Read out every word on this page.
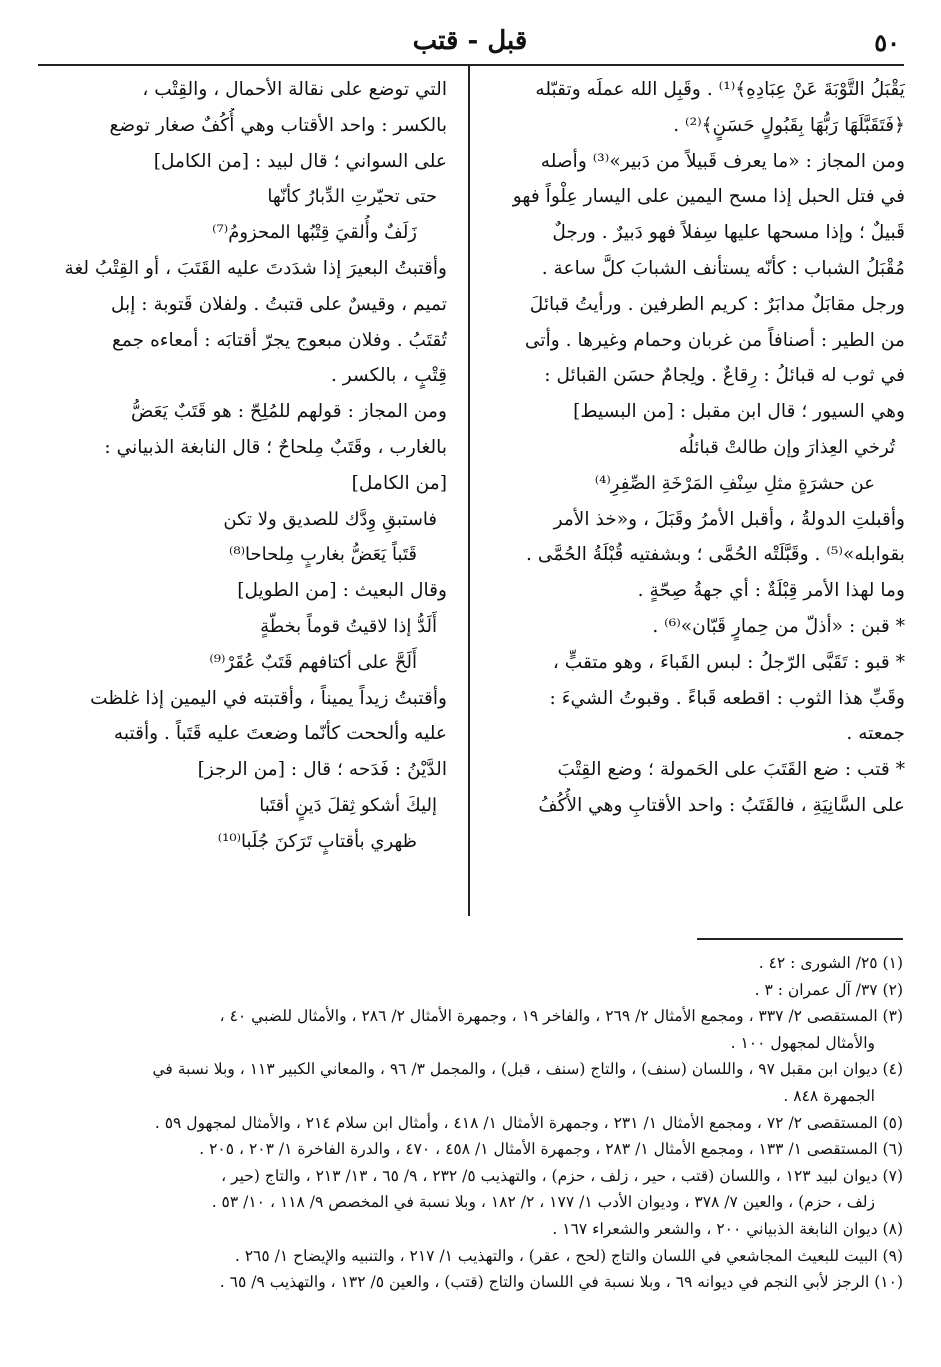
٥٠
قبل - قتب
يَقْبَلُ التَّوْبَةَ عَنْ عِبَادِهِ﴾⁽¹⁾ . وقَبِل الله عملَه وتقبّله
﴿فَتَقَبَّلَهَا رَبُّهَا بِقَبُولٍ حَسَنٍ﴾⁽²⁾ .
ومن المجاز : «ما يعرف قَبيلاً من دَبير»⁽³⁾ وأصله
في فتل الحبل إذا مسح اليمين على اليسار عِلْواً فهو
قَبيلٌ ؛ وإذا مسحها عليها سِفلاً فهو دَبيرٌ . ورجلٌ
مُقْبَلُ الشباب : كأنّه يستأنف الشبابَ كلَّ ساعة .
ورجل مقابَلٌ مدابَرٌ : كريم الطرفين . ورأيتُ قبائلَ
من الطير : أصنافاً من غربان وحمام وغيرها . وأتى
في ثوب له قبائلُ : رِقاعٌ . ولِجامٌ حسَن القبائل :
وهي السيور ؛ قال ابن مقبل : [من البسيط]
تُرخي العِذارَ وإن طالتْ قبائلُه
عن حشرَةٍ مثلِ سِنْفِ المَرْخَةِ الصِّفِرِ⁽⁴⁾
وأقبلتِ الدولةُ ، وأقبل الأمرُ وقَبَلَ ، و«خذ الأمر
بقوابله»⁽⁵⁾ . وقَبَّلَتْه الحُمَّى ؛ وبشفتيه قُبْلَةُ الحُمَّى .
وما لهذا الأمر قِبْلَةٌ : أي جهةُ صِحّةٍ .
* قبن : «أذلّ من حِمارٍ قَبّان»⁽⁶⁾ .
* قبو : تَقَبَّى الرّجلُ : لبس القَباءَ ، وهو متقبٍّ ،
وقَبِّ هذا الثوب : اقطعه قَباءً . وقبوتُ الشيءَ :
جمعته .
* قتب : ضع القَتَبَ على الحَمولة ؛ وضع القِتْبَ
على السَّانِيَةِ ، فالقَتَبُ : واحد الأقتابِ وهي الأُكُفُ
التي توضع على نقالة الأحمال ، والقِتْب ،
بالكسر : واحد الأقتاب وهي أُكُفٌ صغار توضع
على السواني ؛ قال لبيد : [من الكامل]
حتى تحيّرتِ الدِّبارُ كأنّها
زَلَفٌ وأُلقيَ قِتْبُها المحزومُ⁽⁷⁾
وأقتبتُ البعيرَ إذا شدَدتَ عليه القَتَبَ ، أو القِتْبُ لغة
تميم ، وقيسٌ على قتبتُ . ولفلان قَتوبة : إبل
تُقتَبُ . وفلان مبعوج يجرّ أقتابَه : أمعاءه جمع
قِتْبٍ ، بالكسر .
ومن المجاز : قولهم للمُلِحّ : هو قَتَبٌ يَعَضُّ
بالغارب ، وقَتَبٌ مِلحاحٌ ؛ قال النابغة الذبياني :
[من الكامل]
فاستبقِ وِدَّك للصديق ولا تكن
قَتَباً يَعَضُّ بغاربٍ مِلحاحا⁽⁸⁾
وقال البعيث : [من الطويل]
أَلَدُّ إذا لاقيتُ قوماً بخطّةٍ
أَلَحَّ على أكتافهم قَتَبٌ عُقَرْ⁽⁹⁾
وأقتبتُ زيداً يميناً ، وأقتبته في اليمين إذا غلظت
عليه وألححت كأنّما وضعتَ عليه قَتَباً . وأقتبه
الدَّيْنُ : فَدَحه ؛ قال : [من الرجز]
إليكَ أشكو ثِقلَ دَينٍ أقتَبا
ظهري بأقتابٍ تَرَكنَ جُلَبا⁽¹⁰⁾
(١) ٢٥/ الشورى : ٤٢ .
(٢) ٣٧/ آل عمران : ٣ .
(٣) المستقصى ٢/ ٣٣٧ ، ومجمع الأمثال ٢/ ٢٦٩ ، والفاخر ١٩ ، وجمهرة الأمثال ٢/ ٢٨٦ ، والأمثال للضبي ٤٠ ،
والأمثال لمجهول ١٠٠ .
(٤) ديوان ابن مقبل ٩٧ ، واللسان (سنف) ، والتاج (سنف ، قبل) ، والمجمل ٣/ ٩٦ ، والمعاني الكبير ١١٣ ، وبلا نسبة في
الجمهرة ٨٤٨ .
(٥) المستقصى ٢/ ٧٢ ، ومجمع الأمثال ١/ ٢٣١ ، وجمهرة الأمثال ١/ ٤١٨ ، وأمثال ابن سلام ٢١٤ ، والأمثال لمجهول ٥٩ .
(٦) المستقصى ١/ ١٣٣ ، ومجمع الأمثال ١/ ٢٨٣ ، وجمهرة الأمثال ١/ ٤٥٨ ، ٤٧٠ ، والدرة الفاخرة ١/ ٢٠٣ ، ٢٠٥ .
(٧) ديوان لبيد ١٢٣ ، واللسان (قتب ، حير ، زلف ، حزم) ، والتهذيب ٥/ ٢٣٢ ، ٩/ ٦٥ ، ١٣/ ٢١٣ ، والتاج (حير ،
زلف ، حزم) ، والعين ٧/ ٣٧٨ ، وديوان الأدب ١/ ١٧٧ ، ٢/ ١٨٢ ، وبلا نسبة في المخصص ٩/ ١١٨ ، ١٠/ ٥٣ .
(٨) ديوان النابغة الذبياني ٢٠٠ ، والشعر والشعراء ١٦٧ .
(٩) البيت للبعيث المجاشعي في اللسان والتاج (لحح ، عقر) ، والتهذيب ١/ ٢١٧ ، والتنبيه والإيضاح ١/ ٢٦٥ .
(١٠) الرجز لأبي النجم في ديوانه ٦٩ ، وبلا نسبة في اللسان والتاج (قتب) ، والعين ٥/ ١٣٢ ، والتهذيب ٩/ ٦٥ .
